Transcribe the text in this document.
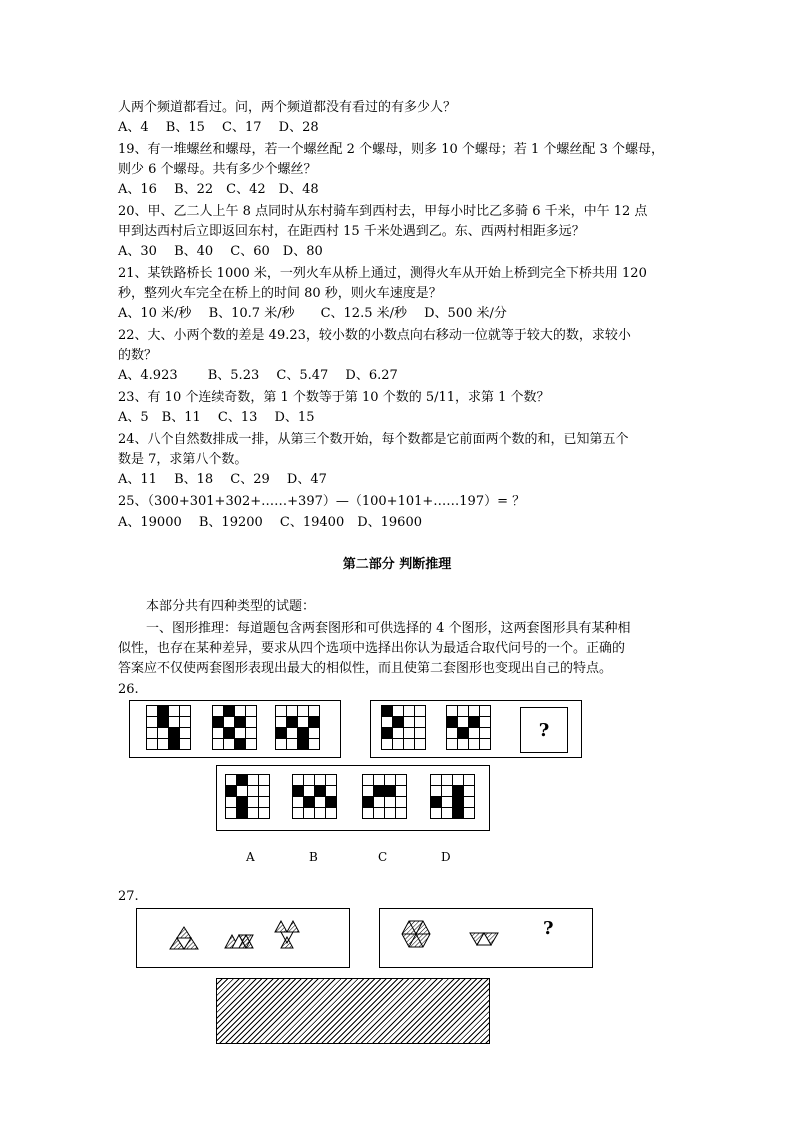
人两个频道都看过。问，两个频道都没有看过的有多少人？
A、4　 B、15　 C、17　 D、28
19、有一堆螺丝和螺母，若一个螺丝配 2 个螺母，则多 10 个螺母；若 1 个螺丝配 3 个螺母，
则少 6 个螺母。共有多少个螺丝？
A、16　 B、22　C、42　D、48
20、甲、乙二人上午 8 点同时从东村骑车到西村去，甲每小时比乙多骑 6 千米，中午 12 点
甲到达西村后立即返回东村，在距西村 15 千米处遇到乙。东、西两村相距多远？
A、30　 B、40　 C、60　D、80
21、某铁路桥长 1000 米，一列火车从桥上通过，测得火车从开始上桥到完全下桥共用 120
秒，整列火车完全在桥上的时间 80 秒，则火车速度是？
A、10 米/秒　 B、10.7 米/秒　　C、12.5 米/秒　 D、500 米/分
22、大、小两个数的差是 49.23，较小数的小数点向右移动一位就等于较大的数，求较小
的数？
A、4.923　　 B、5.23　 C、5.47　 D、6.27
23、有 10 个连续奇数，第 1 个数等于第 10 个数的 5/11，求第 1 个数？
A、5　B、11　 C、13　 D、15
24、八个自然数排成一排，从第三个数开始，每个数都是它前面两个数的和，已知第五个
数是 7，求第八个数。
A、11　 B、18　 C、29　 D、47
25、（300+301+302+……+397）—（100+101+……197）= ？
A、19000　 B、19200　 C、19400　D、19600
第二部分 判断推理
本部分共有四种类型的试题：
一、图形推理：每道题包含两套图形和可供选择的 4 个图形，这两套图形具有某种相
似性，也存在某种差异，要求从四个选项中选择出你认为最适合取代问号的一个。正确的
答案应不仅使两套图形表现出最大的相似性，而且使第二套图形也变现出自己的特点。
26.
?
A	B	C	D
27.
?
